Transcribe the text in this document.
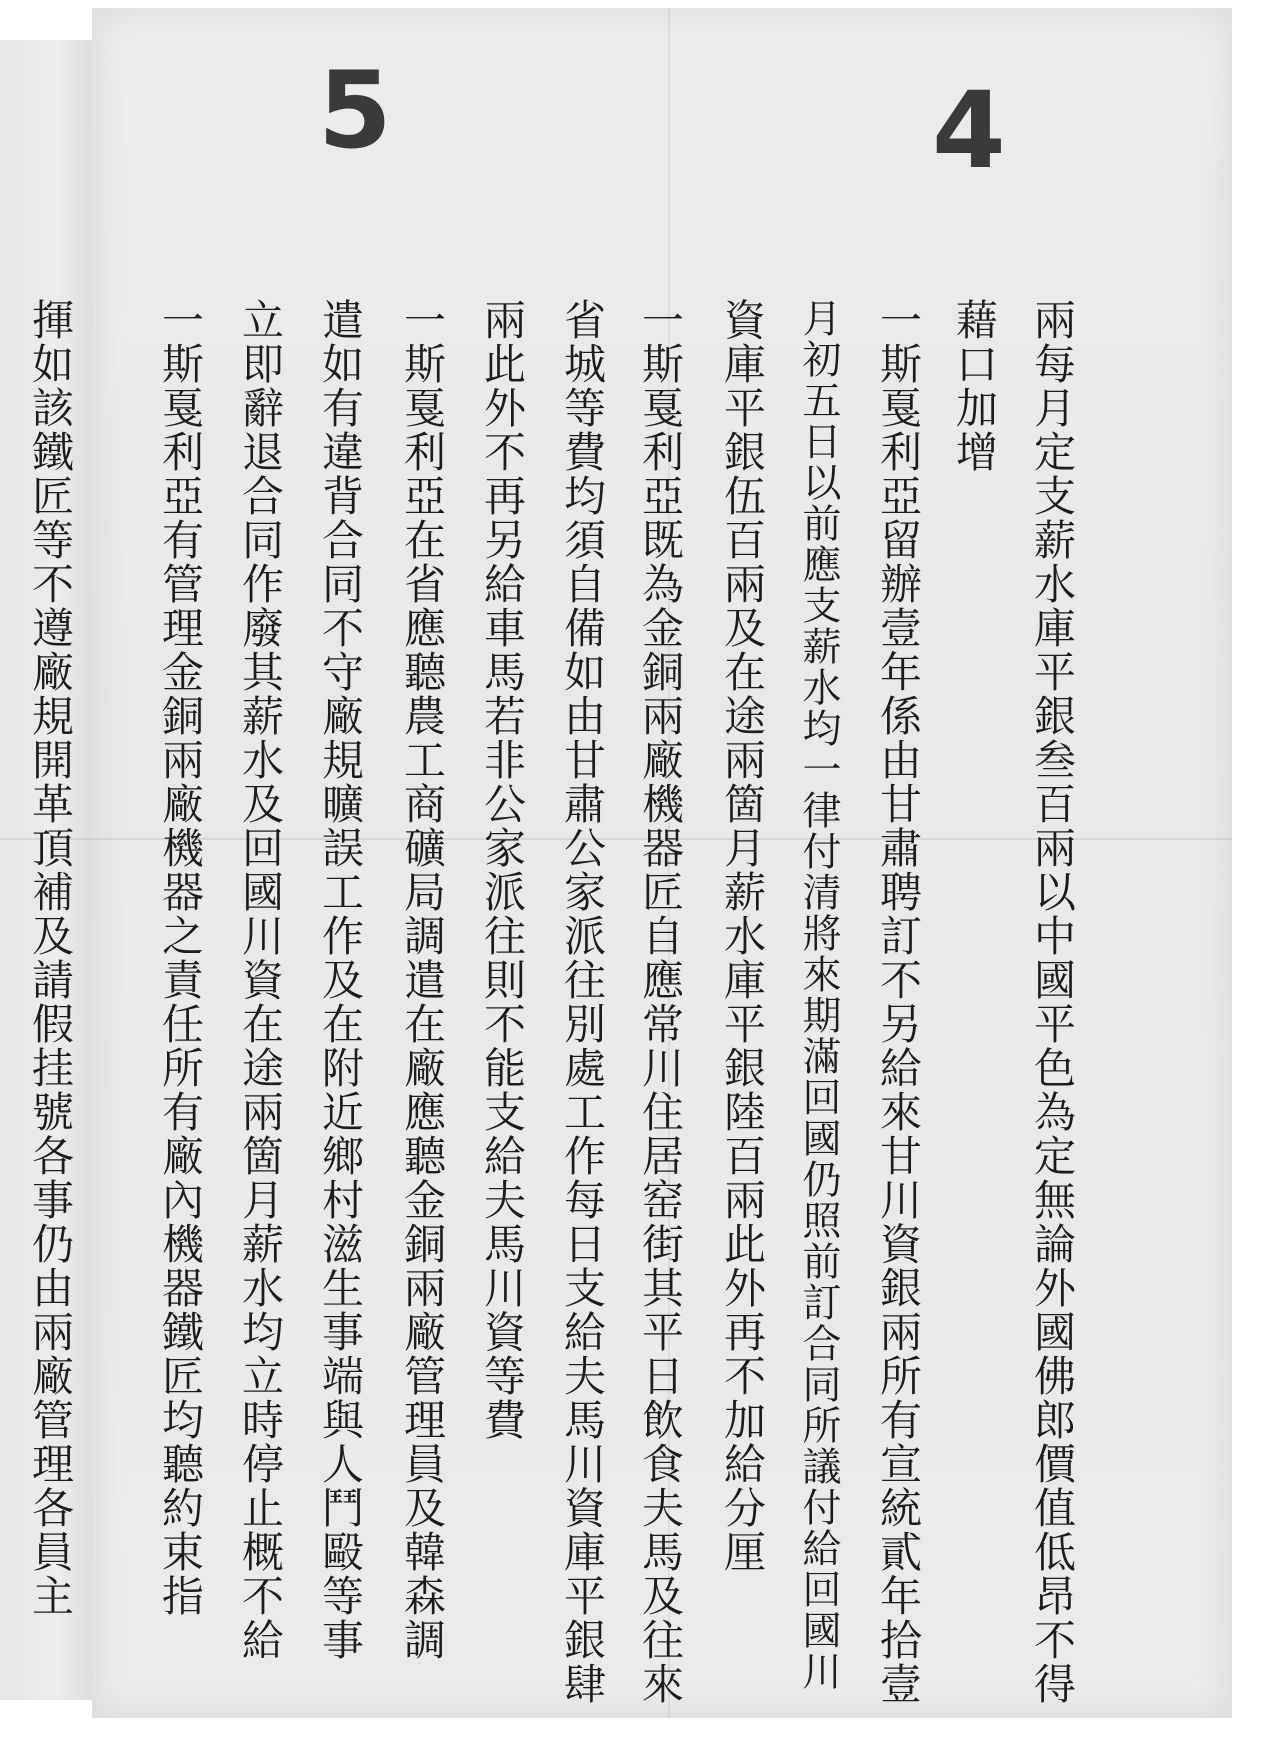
5	4
兩每月定支薪水庫平銀叁百兩以中國平色為定無論外國佛郎價值低昂不得
藉口加增
一斯戛利亞留辦壹年係由甘肅聘訂不另給來甘川資銀兩所有宣統貳年拾壹
月初五日以前應支薪水均一律付清將來期滿回國仍照前訂合同所議付給回國川
資庫平銀伍百兩及在途兩箇月薪水庫平銀陸百兩此外再不加給分厘
一斯戛利亞既為金銅兩廠機器匠自應常川住居窑街其平日飲食夫馬及往來
省城等費均須自備如由甘肅公家派往別處工作每日支給夫馬川資庫平銀肆
兩此外不再另給車馬若非公家派往則不能支給夫馬川資等費
一斯戛利亞在省應聽農工商礦局調遣在廠應聽金銅兩廠管理員及韓森調
遣如有違背合同不守廠規曠誤工作及在附近鄉村滋生事端與人鬥毆等事
立即辭退合同作廢其薪水及回國川資在途兩箇月薪水均立時停止概不給
一斯戛利亞有管理金銅兩廠機器之責任所有廠內機器鐵匠均聽約束指
揮如該鐵匠等不遵廠規開革頂補及請假挂號各事仍由兩廠管理各員主
